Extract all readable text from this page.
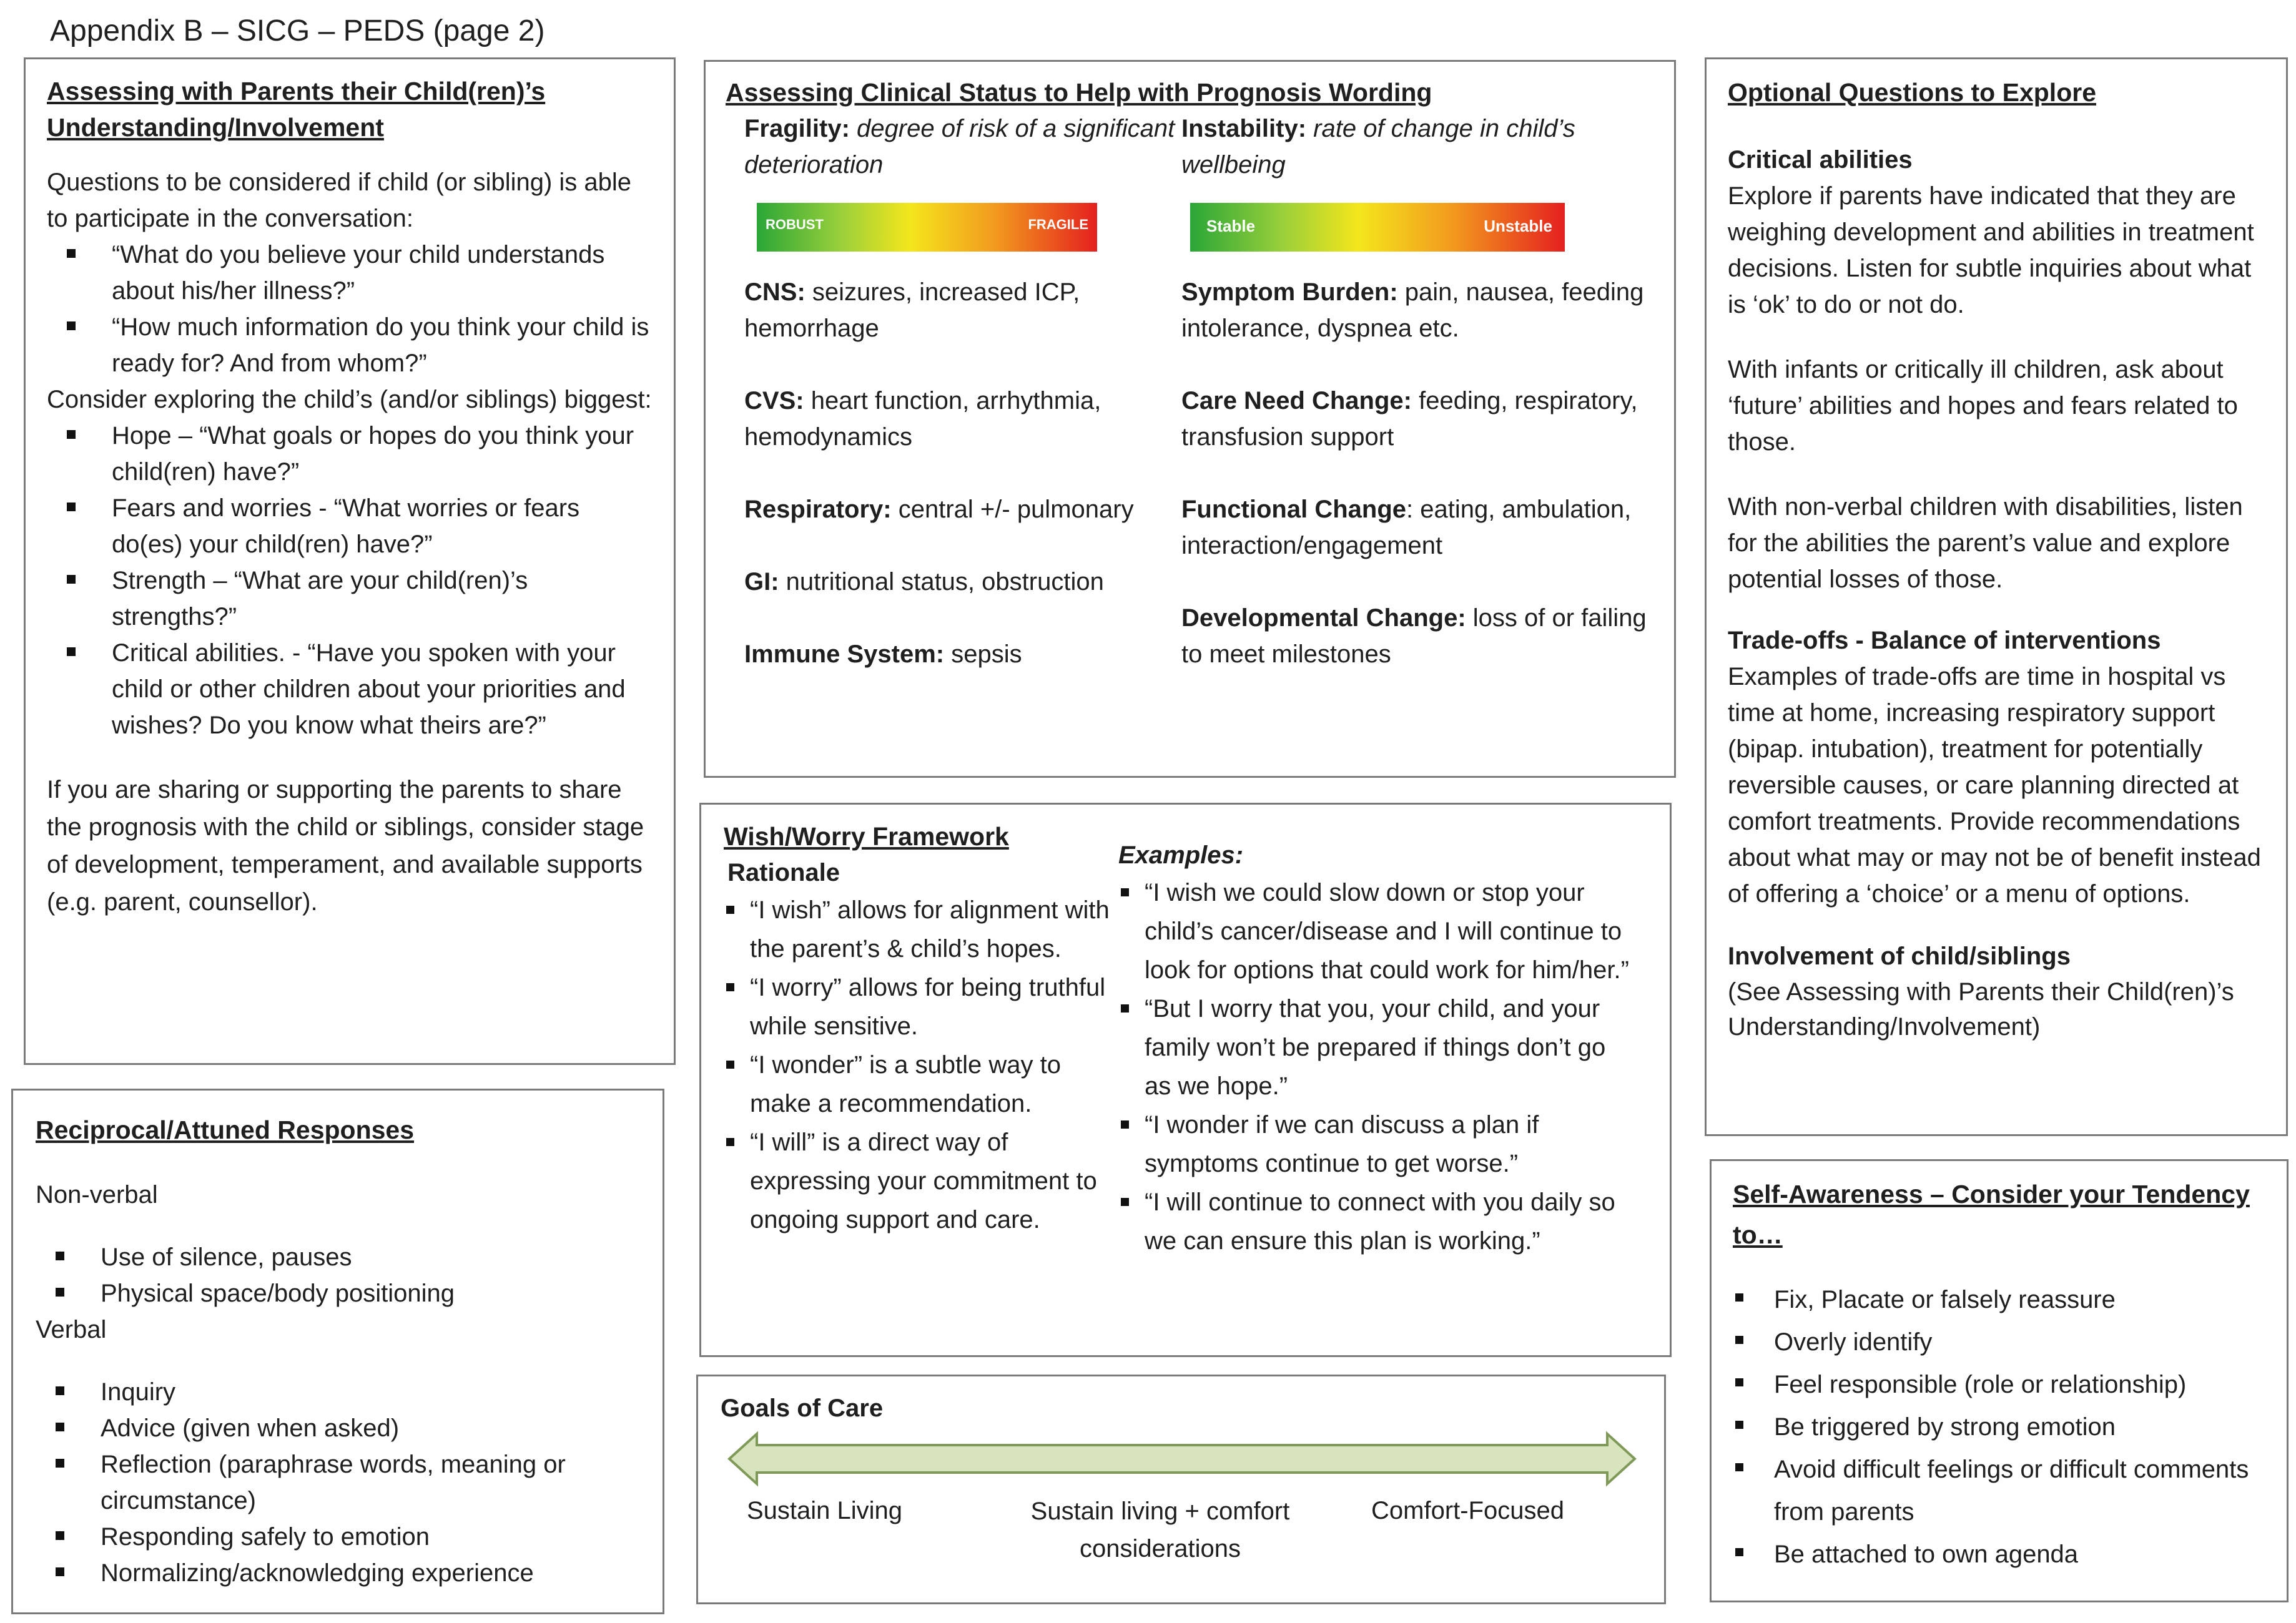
Appendix B – SICG – PEDS (page 2)
Assessing with Parents their Child(ren)’s
Understanding/Involvement

Questions to be considered if child (or sibling) is able to participate in the conversation:

“What do you believe your child understands about his/her illness?”
“How much information do you think your child is ready for? And from whom?”

Consider exploring the child’s (and/or siblings) biggest:

Hope – “What goals or hopes do you think your child(ren) have?”
Fears and worries - “What worries or fears do(es) your child(ren) have?”
Strength – “What are your child(ren)’s strengths?”
Critical abilities. - “Have you spoken with your child or other children about your priorities and wishes? Do you know what theirs are?”

If you are sharing or supporting the parents to share the prognosis with the child or siblings, consider stage of development, temperament, and available supports (e.g. parent, counsellor).

Assessing Clinical Status to Help with Prognosis Wording
Fragility: degree of risk of a significant deterioration
ROBUST	FRAGILE
CNS: seizures, increased ICP, hemorrhage
CVS: heart function, arrhythmia, hemodynamics
Respiratory: central +/- pulmonary
GI: nutritional status, obstruction
Immune System: sepsis
Instability: rate of change in child’s wellbeing
Stable	Unstable
Symptom Burden: pain, nausea, feeding intolerance, dyspnea etc.
Care Need Change: feeding, respiratory, transfusion support
Functional Change: eating, ambulation, interaction/engagement
Developmental Change: loss of or failing to meet milestones
Optional Questions to Explore
Critical abilities

Explore if parents have indicated that they are weighing development and abilities in treatment decisions. Listen for subtle inquiries about what is ‘ok’ to do or not do.

With infants or critically ill children, ask about ‘future’ abilities and hopes and fears related to those.

With non-verbal children with disabilities, listen for the abilities the parent’s value and explore potential losses of those.

Trade-offs - Balance of interventions

Examples of trade-offs are time in hospital vs time at home, increasing respiratory support (bipap. intubation), treatment for potentially reversible causes, or care planning directed at comfort treatments. Provide recommendations about what may or may not be of benefit instead of offering a ‘choice’ or a menu of options.

Involvement of child/siblings

(See Assessing with Parents their Child(ren)’s Understanding/Involvement)

Wish/Worry Framework
Rationale
“I wish” allows for alignment with the parent’s & child’s hopes.
“I worry” allows for being truthful while sensitive.
“I wonder” is a subtle way to make a recommendation.
“I will” is a direct way of expressing your commitment to ongoing support and care.
Examples:
“I wish we could slow down or stop your child’s cancer/disease and I will continue to look for options that could work for him/her.”
“But I worry that you, your child, and your family won’t be prepared if things don’t go as we hope.”
“I wonder if we can discuss a plan if symptoms continue to get worse.”
“I will continue to connect with you daily so we can ensure this plan is working.”
Goals of Care
Sustain Living	Sustain living + comfort
considerations
Comfort-Focused
Reciprocal/Attuned Responses

Non-verbal

Use of silence, pauses
Physical space/body positioning

Verbal

Inquiry
Advice (given when asked)
Reflection (paraphrase words, meaning or circumstance)
Responding safely to emotion
Normalizing/acknowledging experience
Self-Awareness – Consider your Tendency
to…
Fix, Placate or falsely reassure
Overly identify
Feel responsible (role or relationship)
Be triggered by strong emotion
Avoid difficult feelings or difficult comments from parents
Be attached to own agenda
